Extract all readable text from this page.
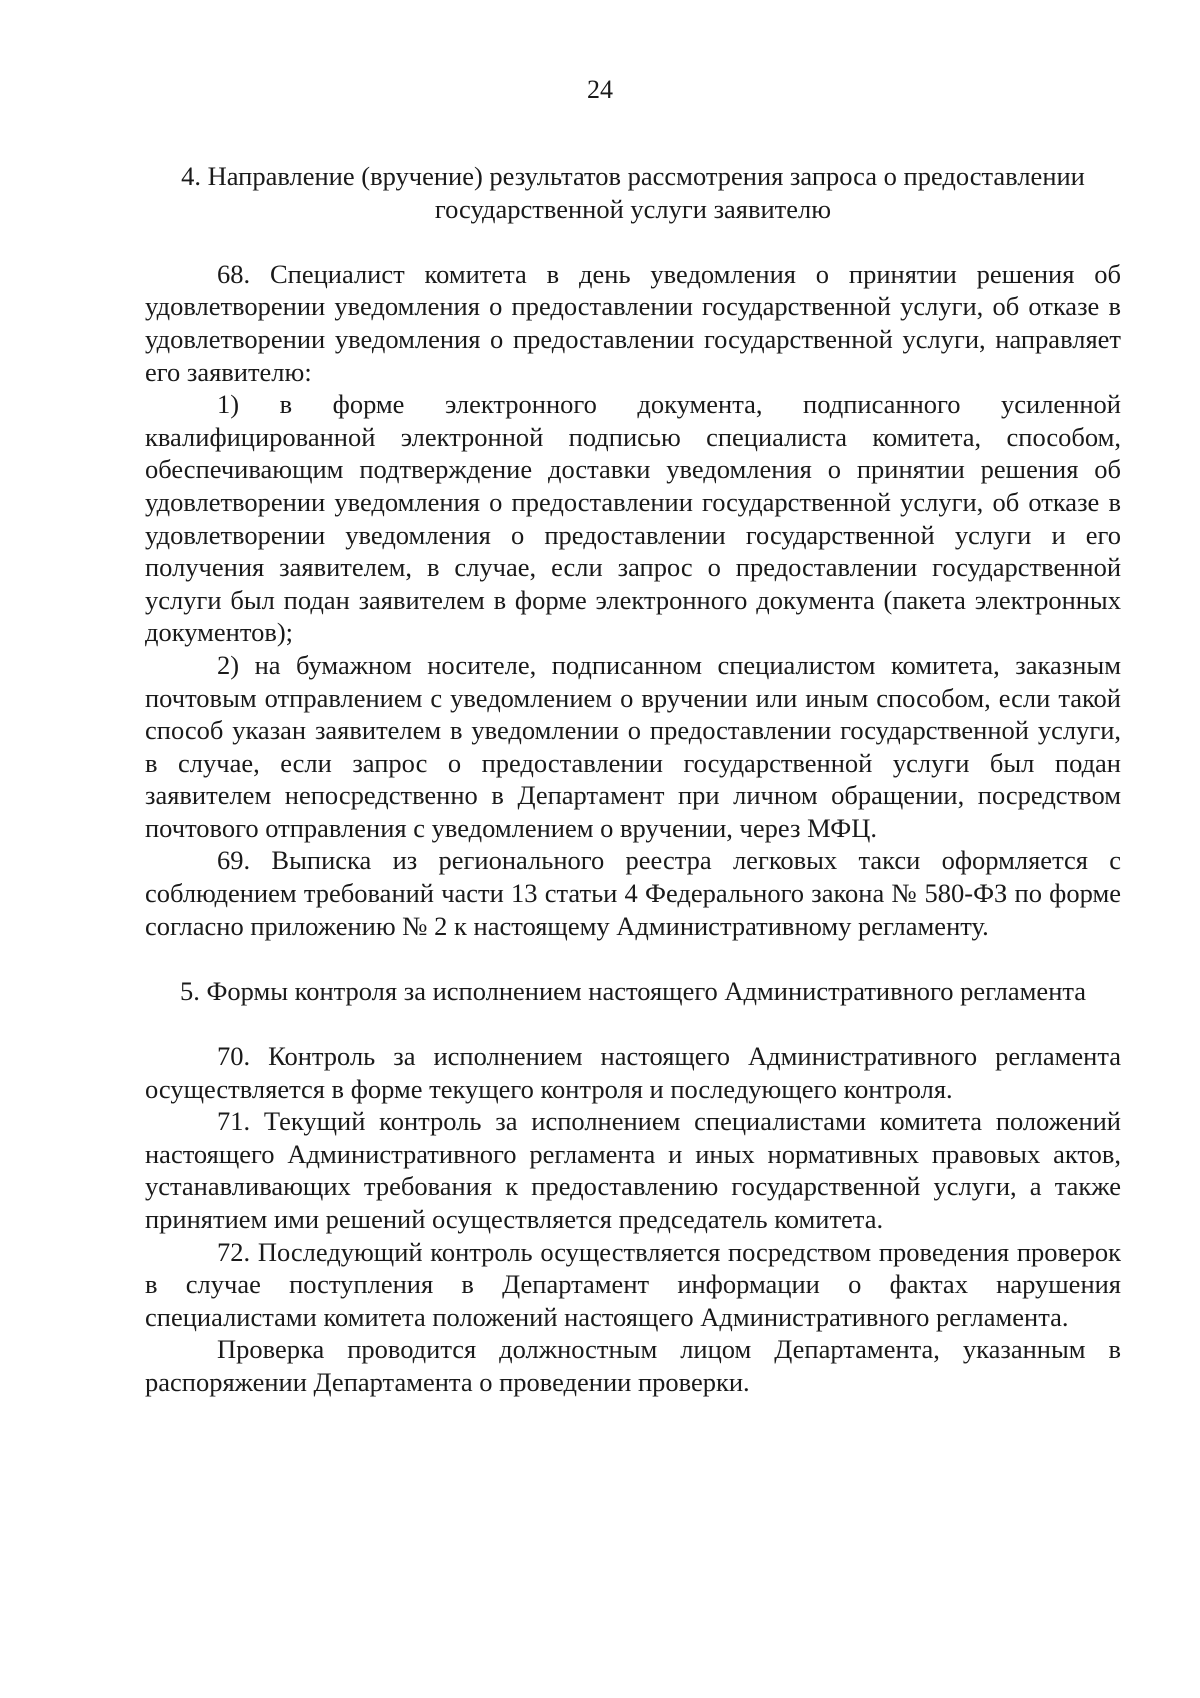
24

4. Направление (вручение) результатов рассмотрения запроса о предоставлении

государственной услуги заявителю

68. Специалист комитета в день уведомления о принятии решения об удовлетворении уведомления о предоставлении государственной услуги, об отказе в удовлетворении уведомления о предоставлении государственной услуги, направляет его заявителю:

1) в форме электронного документа, подписанного усиленной квалифицированной электронной подписью специалиста комитета, способом, обеспечивающим подтверждение доставки уведомления о принятии решения об удовлетворении уведомления о предоставлении государственной услуги, об отказе в удовлетворении уведомления о предоставлении государственной услуги и его получения заявителем, в случае, если запрос о предоставлении государственной услуги был подан заявителем в форме электронного документа (пакета электронных документов);

2) на бумажном носителе, подписанном специалистом комитета, заказным почтовым отправлением с уведомлением о вручении или иным способом, если такой способ указан заявителем в уведомлении о предоставлении государственной услуги, в случае, если запрос о предоставлении государственной услуги был подан заявителем непосредственно в Департамент при личном обращении, посредством почтового отправления с уведомлением о вручении, через МФЦ.

69. Выписка из регионального реестра легковых такси оформляется с соблюдением требований части 13 статьи 4 Федерального закона № 580-ФЗ по форме согласно приложению № 2 к настоящему Административному регламенту.

5. Формы контроля за исполнением настоящего Административного регламента

70. Контроль за исполнением настоящего Административного регламента осуществляется в форме текущего контроля и последующего контроля.

71. Текущий контроль за исполнением специалистами комитета положений настоящего Административного регламента и иных нормативных правовых актов, устанавливающих требования к предоставлению государственной услуги, а также принятием ими решений осуществляется председатель комитета.

72. Последующий контроль осуществляется посредством проведения проверок в случае поступления в Департамент информации о фактах нарушения специалистами комитета положений настоящего Административного регламента.

Проверка проводится должностным лицом Департамента, указанным в распоряжении Департамента о проведении проверки.
